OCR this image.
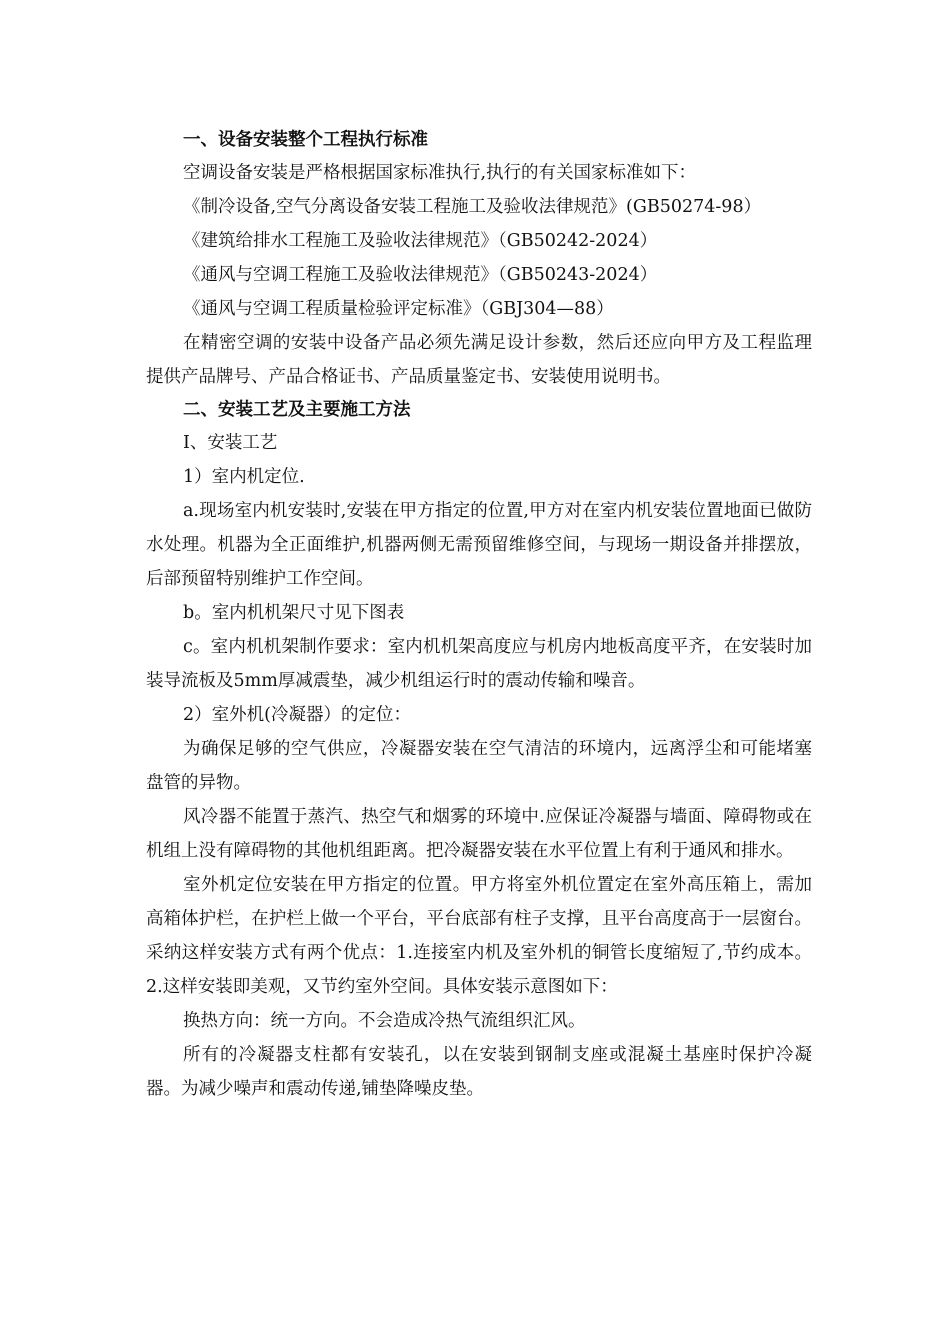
一、设备安装整个工程执行标准

空调设备安装是严格根据国家标准执行,执行的有关国家标准如下：

《制冷设备,空气分离设备安装工程施工及验收法律规范》(GB50274-98）

《建筑给排水工程施工及验收法律规范》（GB50242-2024）

《通风与空调工程施工及验收法律规范》（GB50243-2024）

《通风与空调工程质量检验评定标准》（GBJ304—88）

在精密空调的安装中设备产品必须先满足设计参数，然后还应向甲方及工程监理提供产品牌号、产品合格证书、产品质量鉴定书、安装使用说明书。

二、安装工艺及主要施工方法

Ⅰ、安装工艺

1）室内机定位.

a.现场室内机安装时,安装在甲方指定的位置,甲方对在室内机安装位置地面已做防水处理。机器为全正面维护,机器两侧无需预留维修空间，与现场一期设备并排摆放，后部预留特别维护工作空间。

b。室内机机架尺寸见下图表

c。室内机机架制作要求：室内机机架高度应与机房内地板高度平齐，在安装时加装导流板及5mm厚减震垫，减少机组运行时的震动传输和噪音。

2）室外机(冷凝器）的定位：

为确保足够的空气供应，冷凝器安装在空气清洁的环境内，远离浮尘和可能堵塞盘管的异物。

风冷器不能置于蒸汽、热空气和烟雾的环境中.应保证冷凝器与墙面、障碍物或在机组上没有障碍物的其他机组距离。把冷凝器安装在水平位置上有利于通风和排水。

室外机定位安装在甲方指定的位置。甲方将室外机位置定在室外高压箱上，需加高箱体护栏，在护栏上做一个平台，平台底部有柱子支撑，且平台高度高于一层窗台。采纳这样安装方式有两个优点：1.连接室内机及室外机的铜管长度缩短了,节约成本。2.这样安装即美观，又节约室外空间。具体安装示意图如下：

换热方向：统一方向。不会造成冷热气流组织汇风。

所有的冷凝器支柱都有安装孔，以在安装到钢制支座或混凝土基座时保护冷凝器。为减少噪声和震动传递,铺垫降噪皮垫。
